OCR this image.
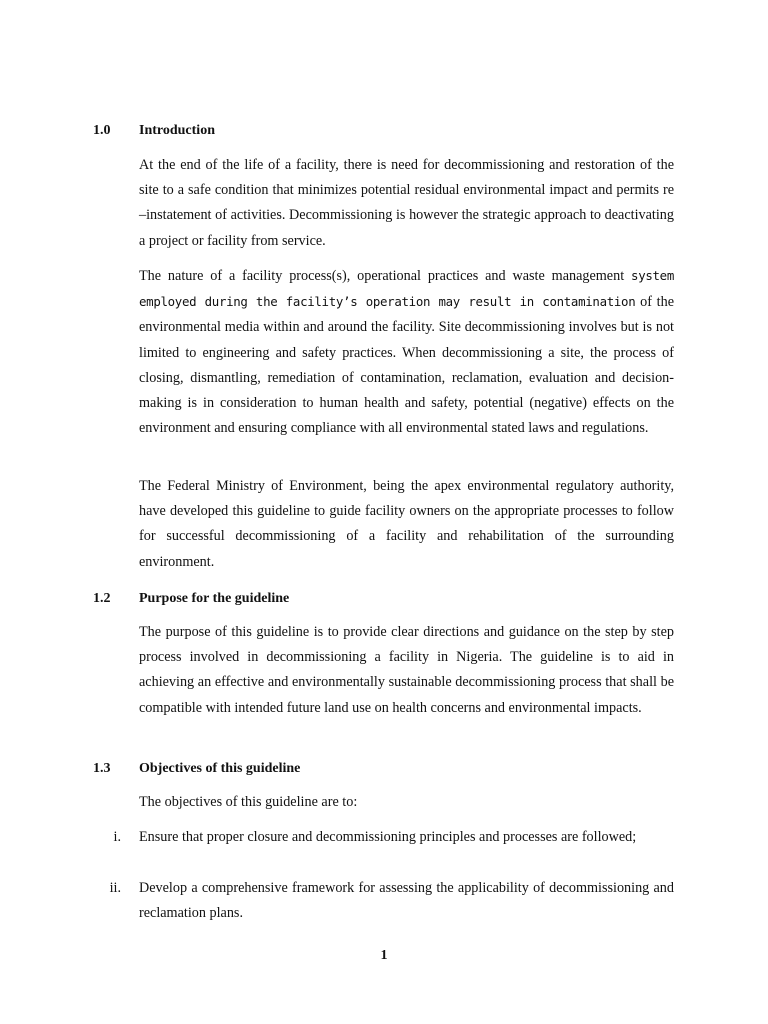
1.0 Introduction

At the end of the life of a facility, there is need for decommissioning and restoration of the site to a safe condition that minimizes potential residual environmental impact and permits re –instatement of activities. Decommissioning is however the strategic approach to deactivating a project or facility from service.

The nature of a facility process(s), operational practices and waste management system employed during the facility’s operation may result in contamination of the environmental media within and around the facility. Site decommissioning involves but is not limited to engineering and safety practices. When decommissioning a site, the process of closing, dismantling, remediation of contamination, reclamation, evaluation and decision-making is in consideration to human health and safety, potential (negative) effects on the environment and ensuring compliance with all environmental stated laws and regulations.

The Federal Ministry of Environment, being the apex environmental regulatory authority, have developed this guideline to guide facility owners on the appropriate processes to follow for successful decommissioning of a facility and rehabilitation of the surrounding environment.

1.2 Purpose for the guideline

The purpose of this guideline is to provide clear directions and guidance on the step by step process involved in decommissioning a facility in Nigeria. The guideline is to aid in achieving an effective and environmentally sustainable decommissioning process that shall be compatible with intended future land use on health concerns and environmental impacts.

1.3 Objectives of this guideline

The objectives of this guideline are to:

i. Ensure that proper closure and decommissioning principles and processes are followed;
ii. Develop a comprehensive framework for assessing the applicability of decommissioning and reclamation plans.
1
